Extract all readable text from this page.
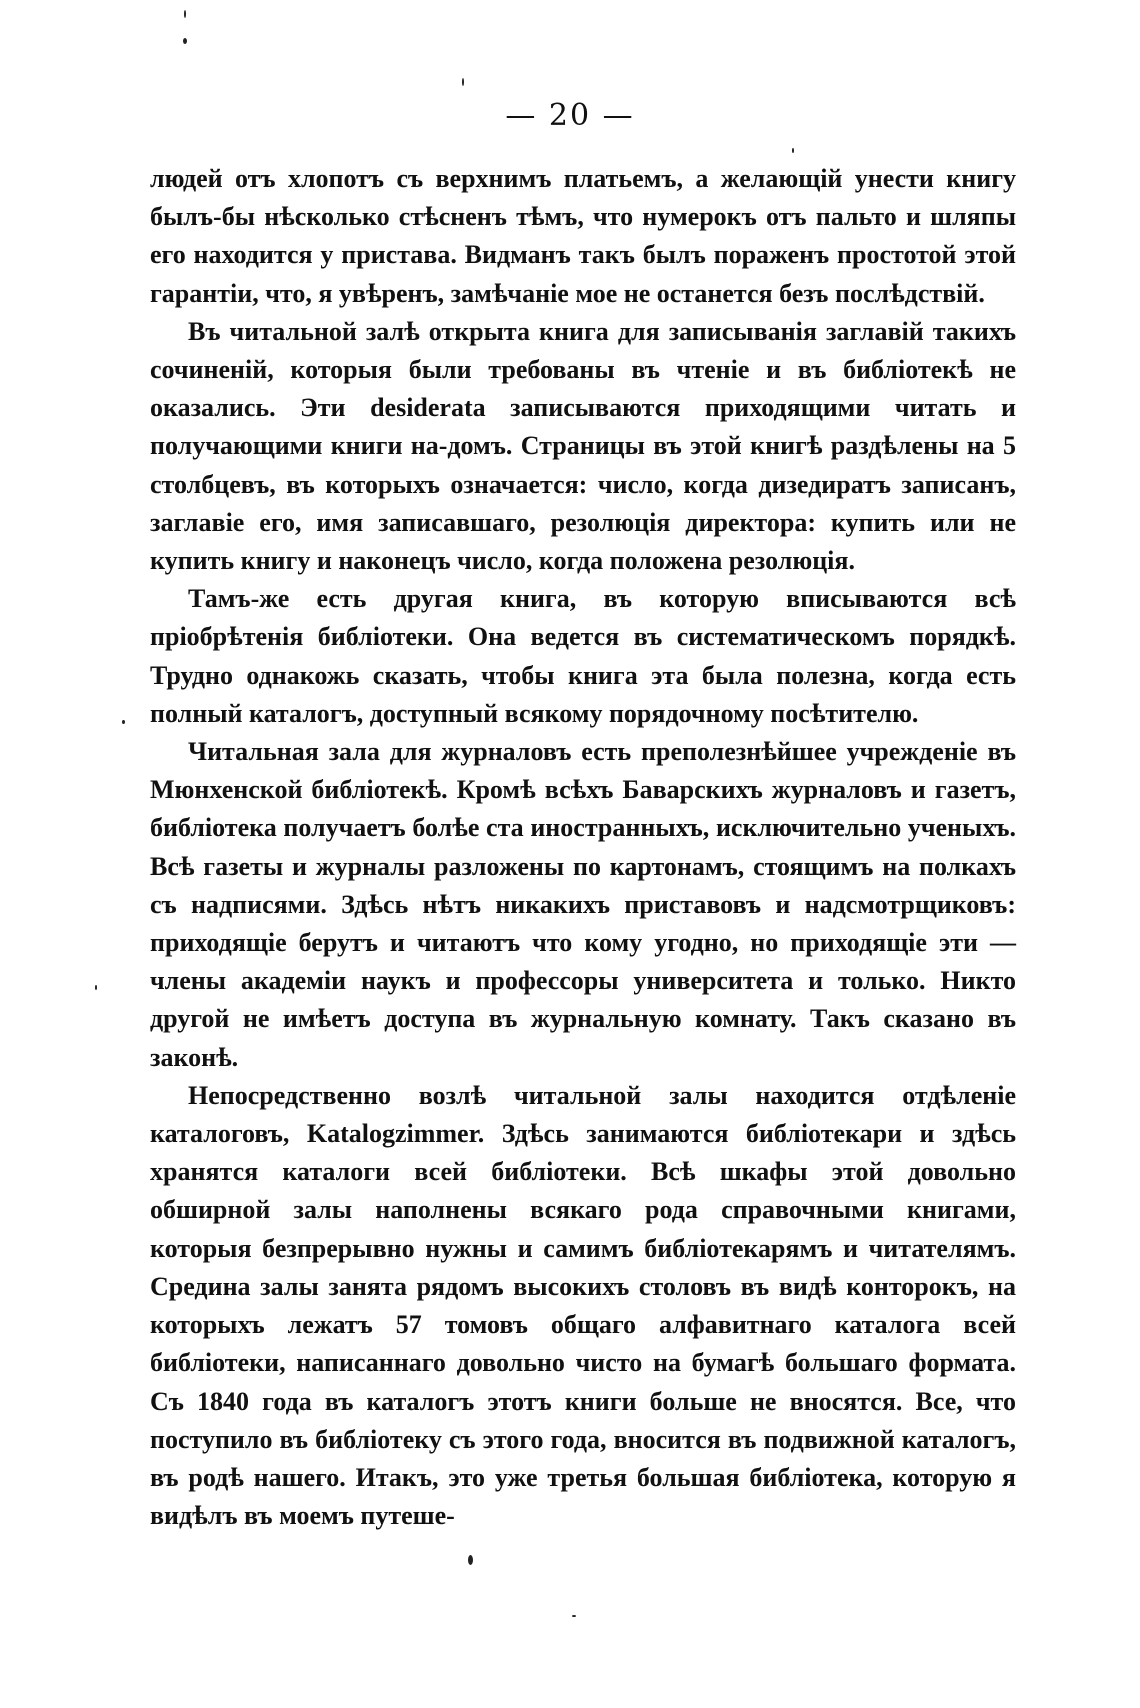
— 20 —

людей отъ хлопотъ съ верхнимъ платьемъ, а желающій унести книгу былъ-бы нѣсколько стѣсненъ тѣмъ, что нумерокъ отъ пальто и шляпы его находится у пристава. Видманъ такъ былъ пораженъ простотой этой гарантіи, что, я увѣренъ, замѣчаніе мое не останется безъ послѣдствій.

Въ читальной залѣ открыта книга для записыванія заглавій такихъ сочиненій, которыя были требованы въ чтеніе и въ библіотекѣ не оказались. Эти desiderata записываются приходящими читать и получающими книги на-домъ. Страницы въ этой книгѣ раздѣлены на 5 столбцевъ, въ которыхъ означается: число, когда дизедиратъ записанъ, заглавіе его, имя записавшаго, резолюція директора: купить или не купить книгу и наконецъ число, когда положена резолюція.

Тамъ-же есть другая книга, въ которую вписываются всѣ пріобрѣтенія библіотеки. Она ведется въ систематическомъ порядкѣ. Трудно однакожь сказать, чтобы книга эта была полезна, когда есть полный каталогъ, доступный всякому порядочному посѣтителю.

Читальная зала для журналовъ есть преполезнѣйшее учрежденіе въ Мюнхенской библіотекѣ. Кромѣ всѣхъ Баварскихъ журналовъ и газетъ, библіотека получаетъ болѣе ста иностранныхъ, исключительно ученыхъ. Всѣ газеты и журналы разложены по картонамъ, стоящимъ на полкахъ съ надписями. Здѣсь нѣтъ никакихъ приставовъ и надсмотрщиковъ: приходящіе берутъ и читаютъ что кому угодно, но приходящіе эти — члены академіи наукъ и профессоры университета и только. Никто другой не имѣетъ доступа въ журнальную комнату. Такъ сказано въ законѣ.

Непосредственно возлѣ читальной залы находится отдѣленіе каталоговъ, Katalogzimmer. Здѣсь занимаются библіотекари и здѣсь хранятся каталоги всей библіотеки. Всѣ шкафы этой довольно обширной залы наполнены всякаго рода справочными книгами, которыя безпрерывно нужны и самимъ библіотекарямъ и читателямъ. Средина залы занята рядомъ высокихъ столовъ въ видѣ конторокъ, на которыхъ лежатъ 57 томовъ общаго алфавитнаго каталога всей библіотеки, написаннаго довольно чисто на бумагѣ большаго формата. Съ 1840 года въ каталогъ этотъ книги больше не вносятся. Все, что поступило въ библіотеку съ этого года, вносится въ подвижной каталогъ, въ родѣ нашего. Итакъ, это уже третья большая библіотека, которую я видѣлъ въ моемъ путеше-
